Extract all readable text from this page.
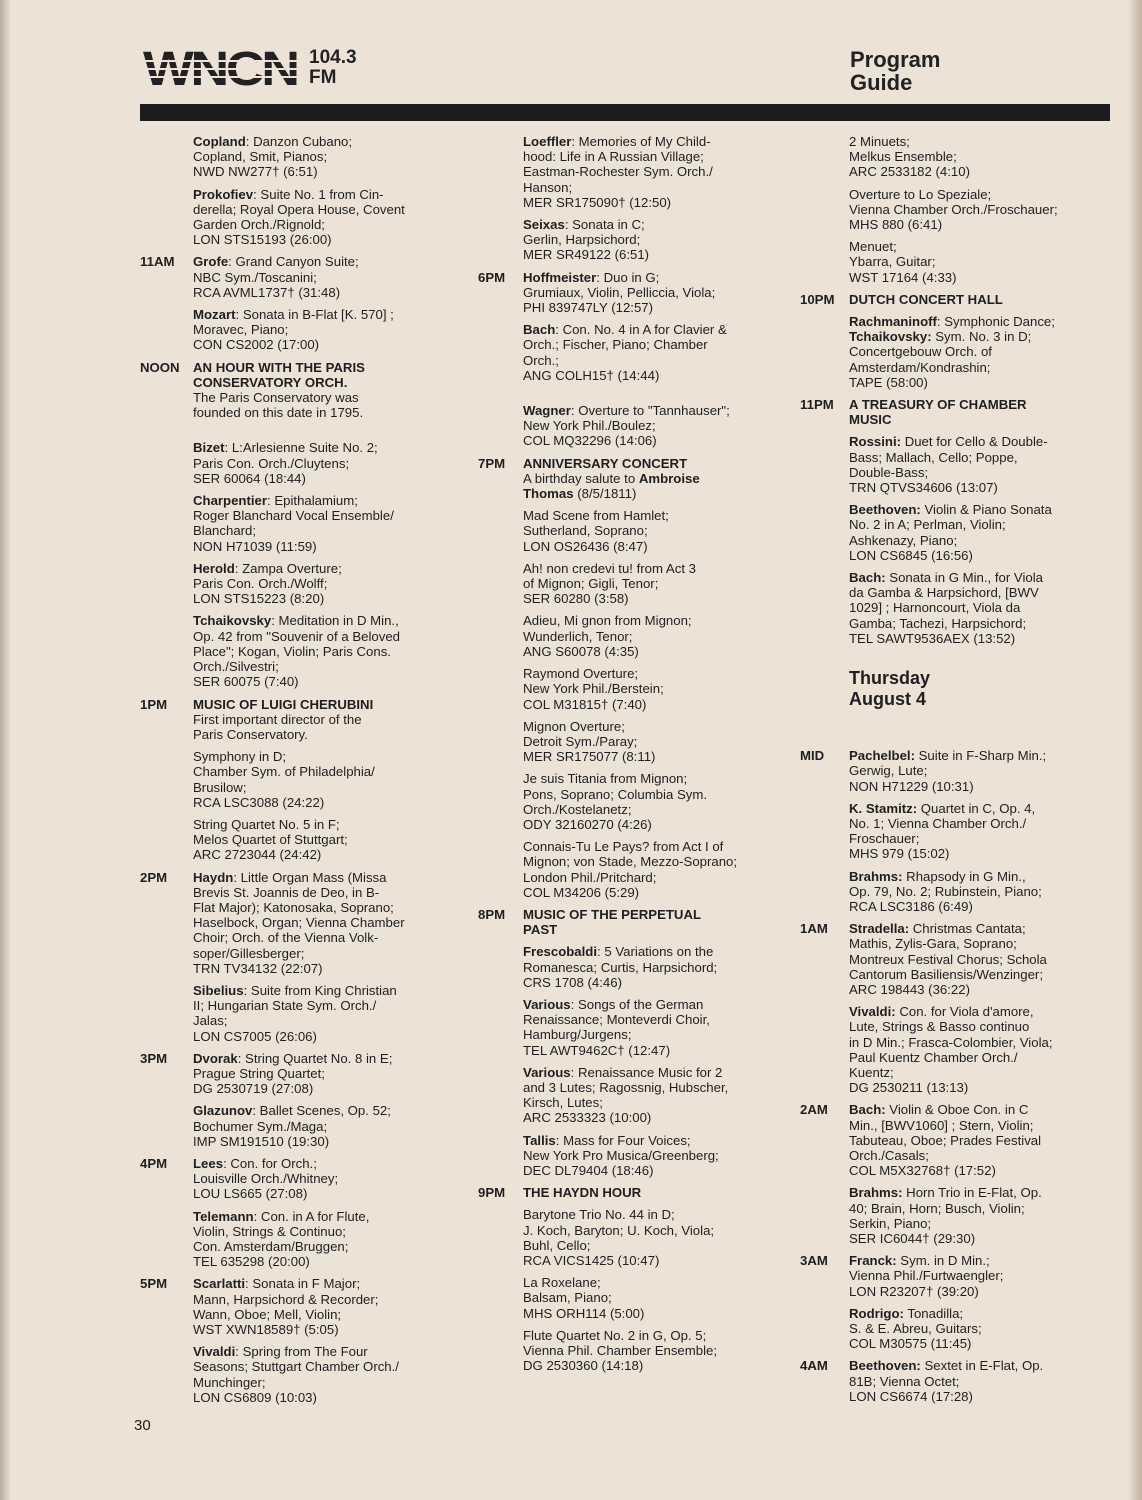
104.3
FM
Program
Guide
Copland: Danzon Cubano;
Copland, Smit, Pianos;
NWD NW277† (6:51)
Prokofiev: Suite No. 1 from Cin-
derella; Royal Opera House, Covent
Garden Orch./Rignold;
LON STS15193 (26:00)
11AM Grofe: Grand Canyon Suite;
NBC Sym./Toscanini;
RCA AVML1737† (31:48)
Mozart: Sonata in B-Flat [K. 570] ;
Moravec, Piano;
CON CS2002 (17:00)
NOON AN HOUR WITH THE PARIS
CONSERVATORY ORCH.
The Paris Conservatory was
founded on this date in 1795.
Bizet: L:Arlesienne Suite No. 2;
Paris Con. Orch./Cluytens;
SER 60064 (18:44)
Charpentier: Epithalamium;
Roger Blanchard Vocal Ensemble/
Blanchard;
NON H71039 (11:59)
Herold: Zampa Overture;
Paris Con. Orch./Wolff;
LON STS15223 (8:20)
Tchaikovsky: Meditation in D Min.,
Op. 42 from "Souvenir of a Beloved
Place"; Kogan, Violin; Paris Cons.
Orch./Silvestri;
SER 60075 (7:40)
1PM MUSIC OF LUIGI CHERUBINI
First important director of the
Paris Conservatory.
Symphony in D;
Chamber Sym. of Philadelphia/
Brusilow;
RCA LSC3088 (24:22)
String Quartet No. 5 in F;
Melos Quartet of Stuttgart;
ARC 2723044 (24:42)
2PM Haydn: Little Organ Mass (Missa
Brevis St. Joannis de Deo, in B-
Flat Major); Katonosaka, Soprano;
Haselbock, Organ; Vienna Chamber
Choir; Orch. of the Vienna Volk-
soper/Gillesberger;
TRN TV34132 (22:07)
Sibelius: Suite from King Christian
II; Hungarian State Sym. Orch./
Jalas;
LON CS7005 (26:06)
3PM Dvorak: String Quartet No. 8 in E;
Prague String Quartet;
DG 2530719 (27:08)
Glazunov: Ballet Scenes, Op. 52;
Bochumer Sym./Maga;
IMP SM191510 (19:30)
4PM Lees: Con. for Orch.;
Louisville Orch./Whitney;
LOU LS665 (27:08)
Telemann: Con. in A for Flute,
Violin, Strings & Continuo;
Con. Amsterdam/Bruggen;
TEL 635298 (20:00)
5PM Scarlatti: Sonata in F Major;
Mann, Harpsichord & Recorder;
Wann, Oboe; Mell, Violin;
WST XWN18589† (5:05)
Vivaldi: Spring from The Four
Seasons; Stuttgart Chamber Orch./
Munchinger;
LON CS6809 (10:03)
Loeffler: Memories of My Child-
hood: Life in A Russian Village;
Eastman-Rochester Sym. Orch./
Hanson;
MER SR175090† (12:50)
Seixas: Sonata in C;
Gerlin, Harpsichord;
MER SR49122 (6:51)
6PM Hoffmeister: Duo in G;
Grumiaux, Violin, Pelliccia, Viola;
PHI 839747LY (12:57)
Bach: Con. No. 4 in A for Clavier &
Orch.; Fischer, Piano; Chamber
Orch.;
ANG COLH15† (14:44)
Wagner: Overture to "Tannhauser";
New York Phil./Boulez;
COL MQ32296 (14:06)
7PM ANNIVERSARY CONCERT
A birthday salute to Ambroise
Thomas (8/5/1811)
Mad Scene from Hamlet;
Sutherland, Soprano;
LON OS26436 (8:47)
Ah! non credevi tu! from Act 3
of Mignon; Gigli, Tenor;
SER 60280 (3:58)
Adieu, Mi gnon from Mignon;
Wunderlich, Tenor;
ANG S60078 (4:35)
Raymond Overture;
New York Phil./Berstein;
COL M31815† (7:40)
Mignon Overture;
Detroit Sym./Paray;
MER SR175077 (8:11)
Je suis Titania from Mignon;
Pons, Soprano; Columbia Sym.
Orch./Kostelanetz;
ODY 32160270 (4:26)
Connais-Tu Le Pays? from Act I of
Mignon; von Stade, Mezzo-Soprano;
London Phil./Pritchard;
COL M34206 (5:29)
8PM MUSIC OF THE PERPETUAL
PAST
Frescobaldi: 5 Variations on the
Romanesca; Curtis, Harpsichord;
CRS 1708 (4:46)
Various: Songs of the German
Renaissance; Monteverdi Choir,
Hamburg/Jurgens;
TEL AWT9462C† (12:47)
Various: Renaissance Music for 2
and 3 Lutes; Ragossnig, Hubscher,
Kirsch, Lutes;
ARC 2533323 (10:00)
Tallis: Mass for Four Voices;
New York Pro Musica/Greenberg;
DEC DL79404 (18:46)
9PM THE HAYDN HOUR
Barytone Trio No. 44 in D;
J. Koch, Baryton; U. Koch, Viola;
Buhl, Cello;
RCA VICS1425 (10:47)
La Roxelane;
Balsam, Piano;
MHS ORH114 (5:00)
Flute Quartet No. 2 in G, Op. 5;
Vienna Phil. Chamber Ensemble;
DG 2530360 (14:18)
2 Minuets;
Melkus Ensemble;
ARC 2533182 (4:10)
Overture to Lo Speziale;
Vienna Chamber Orch./Froschauer;
MHS 880 (6:41)
Menuet;
Ybarra, Guitar;
WST 17164 (4:33)
10PM DUTCH CONCERT HALL
Rachmaninoff: Symphonic Dance;
Tchaikovsky: Sym. No. 3 in D;
Concertgebouw Orch. of
Amsterdam/Kondrashin;
TAPE (58:00)
11PM A TREASURY OF CHAMBER
MUSIC
Rossini: Duet for Cello & Double-
Bass; Mallach, Cello; Poppe,
Double-Bass;
TRN QTVS34606 (13:07)
Beethoven: Violin & Piano Sonata
No. 2 in A; Perlman, Violin;
Ashkenazy, Piano;
LON CS6845 (16:56)
Bach: Sonata in G Min., for Viola
da Gamba & Harpsichord, [BWV
1029] ; Harnoncourt, Viola da
Gamba; Tachezi, Harpsichord;
TEL SAWT9536AEX (13:52)
Thursday
August 4
MID Pachelbel: Suite in F-Sharp Min.;
Gerwig, Lute;
NON H71229 (10:31)
K. Stamitz: Quartet in C, Op. 4,
No. 1; Vienna Chamber Orch./
Froschauer;
MHS 979 (15:02)
Brahms: Rhapsody in G Min.,
Op. 79, No. 2; Rubinstein, Piano;
RCA LSC3186 (6:49)
1AM Stradella: Christmas Cantata;
Mathis, Zylis-Gara, Soprano;
Montreux Festival Chorus; Schola
Cantorum Basiliensis/Wenzinger;
ARC 198443 (36:22)
Vivaldi: Con. for Viola d'amore,
Lute, Strings & Basso continuo
in D Min.; Frasca-Colombier, Viola;
Paul Kuentz Chamber Orch./
Kuentz;
DG 2530211 (13:13)
2AM Bach: Violin & Oboe Con. in C
Min., [BWV1060] ; Stern, Violin;
Tabuteau, Oboe; Prades Festival
Orch./Casals;
COL M5X32768† (17:52)
Brahms: Horn Trio in E-Flat, Op.
40; Brain, Horn; Busch, Violin;
Serkin, Piano;
SER IC6044† (29:30)
3AM Franck: Sym. in D Min.;
Vienna Phil./Furtwaengler;
LON R23207† (39:20)
Rodrigo: Tonadilla;
S. & E. Abreu, Guitars;
COL M30575 (11:45)
4AM Beethoven: Sextet in E-Flat, Op.
81B; Vienna Octet;
LON CS6674 (17:28)
30
